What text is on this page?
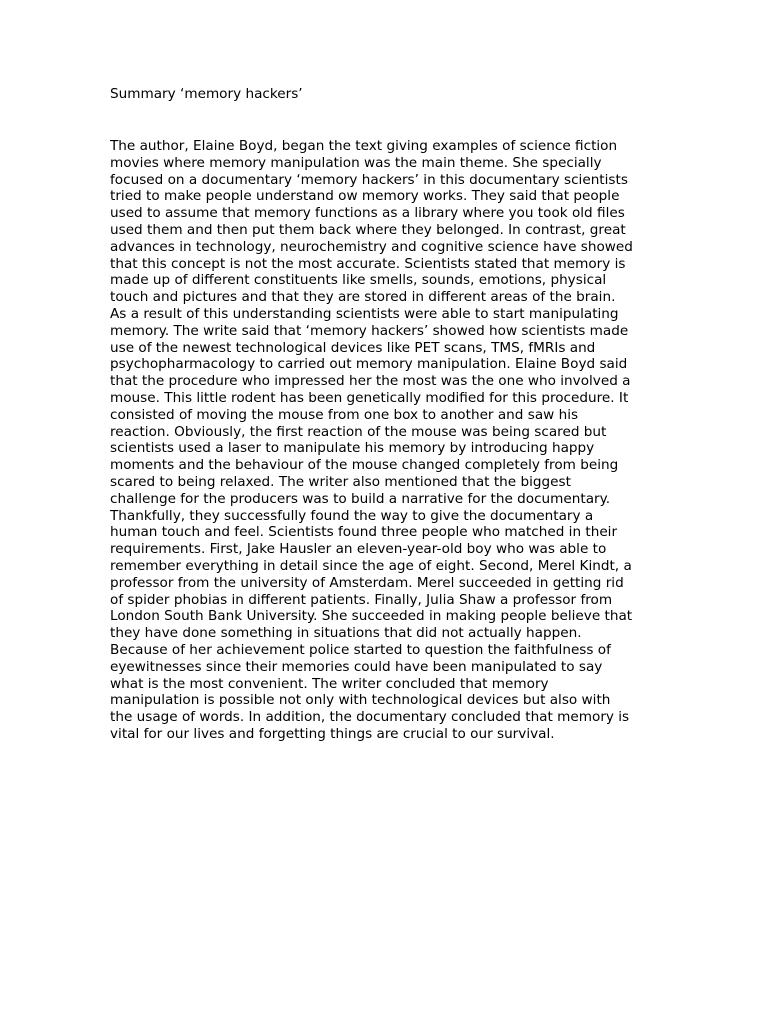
Summary ‘memory hackers’
The author, Elaine Boyd, began the text giving examples of science fiction
movies where memory manipulation was the main theme. She specially
focused on a documentary ‘memory hackers’ in this documentary scientists
tried to make people understand ow memory works. They said that people
used to assume that memory functions as a library where you took old files
used them and then put them back where they belonged. In contrast, great
advances in technology, neurochemistry and cognitive science have showed
that this concept is not the most accurate. Scientists stated that memory is
made up of different constituents like smells, sounds, emotions, physical
touch and pictures and that they are stored in different areas of the brain.
As a result of this understanding scientists were able to start manipulating
memory. The write said that ‘memory hackers’ showed how scientists made
use of the newest technological devices like PET scans, TMS, fMRIs and
psychopharmacology to carried out memory manipulation. Elaine Boyd said
that the procedure who impressed her the most was the one who involved a
mouse. This little rodent has been genetically modified for this procedure. It
consisted of moving the mouse from one box to another and saw his
reaction. Obviously, the first reaction of the mouse was being scared but
scientists used a laser to manipulate his memory by introducing happy
moments and the behaviour of the mouse changed completely from being
scared to being relaxed. The writer also mentioned that the biggest
challenge for the producers was to build a narrative for the documentary.
Thankfully, they successfully found the way to give the documentary a
human touch and feel. Scientists found three people who matched in their
requirements. First, Jake Hausler an eleven-year-old boy who was able to
remember everything in detail since the age of eight. Second, Merel Kindt, a
professor from the university of Amsterdam. Merel succeeded in getting rid
of spider phobias in different patients. Finally, Julia Shaw a professor from
London South Bank University. She succeeded in making people believe that
they have done something in situations that did not actually happen.
Because of her achievement police started to question the faithfulness of
eyewitnesses since their memories could have been manipulated to say
what is the most convenient. The writer concluded that memory
manipulation is possible not only with technological devices but also with
the usage of words. In addition, the documentary concluded that memory is
vital for our lives and forgetting things are crucial to our survival.
